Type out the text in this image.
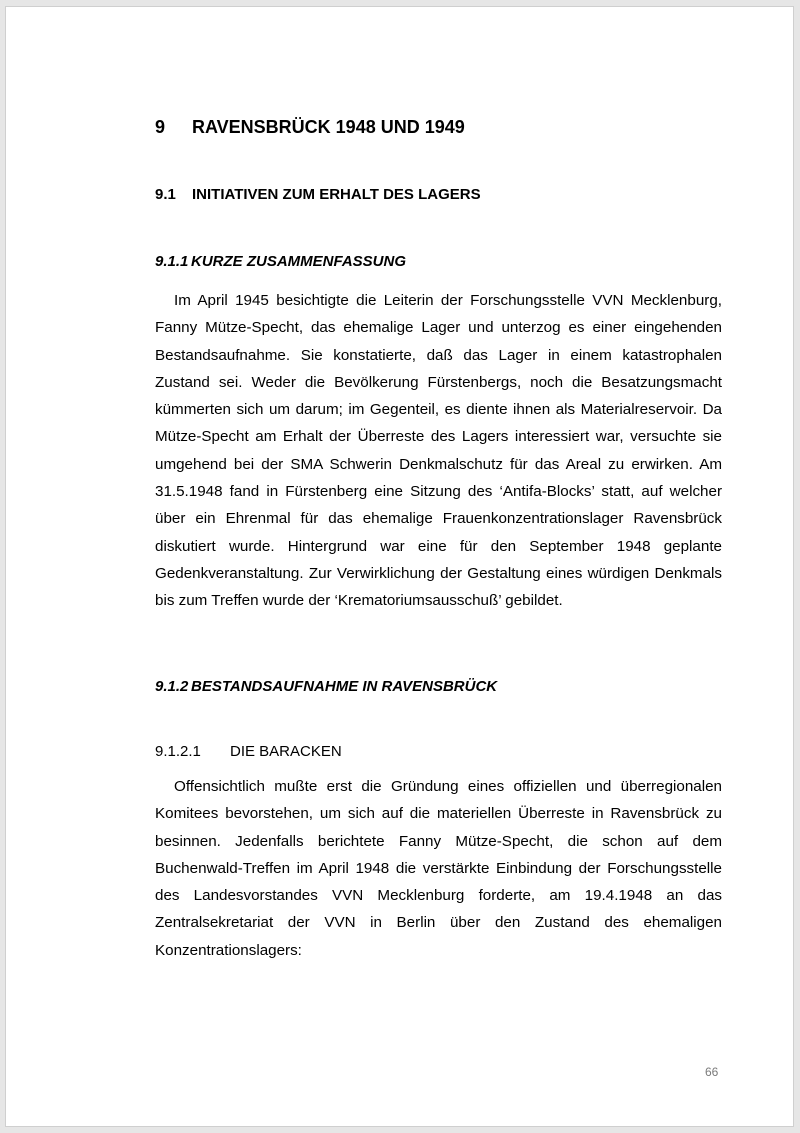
9 RAVENSBRÜCK 1948 UND 1949
9.1 INITIATIVEN ZUM ERHALT DES LAGERS
9.1.1 KURZE ZUSAMMENFASSUNG

Im April 1945 besichtigte die Leiterin der Forschungsstelle VVN Mecklenburg, Fanny Mütze-Specht, das ehemalige Lager und unterzog es einer eingehenden Bestandsaufnahme. Sie konstatierte, daß das Lager in einem katastrophalen Zustand sei. Weder die Bevölkerung Fürstenbergs, noch die Besatzungsmacht kümmerten sich um darum; im Gegenteil, es diente ihnen als Materialreservoir. Da Mütze-Specht am Erhalt der Überreste des Lagers interessiert war, versuchte sie umgehend bei der SMA Schwerin Denkmalschutz für das Areal zu erwirken. Am 31.5.1948 fand in Fürstenberg eine Sitzung des ‘Antifa-Blocks’ statt, auf welcher über ein Ehrenmal für das ehemalige Frauenkonzentrationslager Ravensbrück diskutiert wurde. Hintergrund war eine für den September 1948 geplante Gedenkveranstaltung. Zur Verwirklichung der Gestaltung eines würdigen Denkmals bis zum Treffen wurde der ‘Krematoriumsausschuß’ gebildet.

9.1.2 BESTANDSAUFNAHME IN RAVENSBRÜCK
9.1.2.1 DIE BARACKEN

Offensichtlich mußte erst die Gründung eines offiziellen und überregionalen Komitees bevorstehen, um sich auf die materiellen Überreste in Ravensbrück zu besinnen. Jedenfalls berichtete Fanny Mütze-Specht, die schon auf dem Buchenwald-Treffen im April 1948 die verstärkte Einbindung der Forschungsstelle des Landesvorstandes VVN Mecklenburg forderte, am 19.4.1948 an das Zentralsekretariat der VVN in Berlin über den Zustand des ehemaligen Konzentrationslagers:

66
